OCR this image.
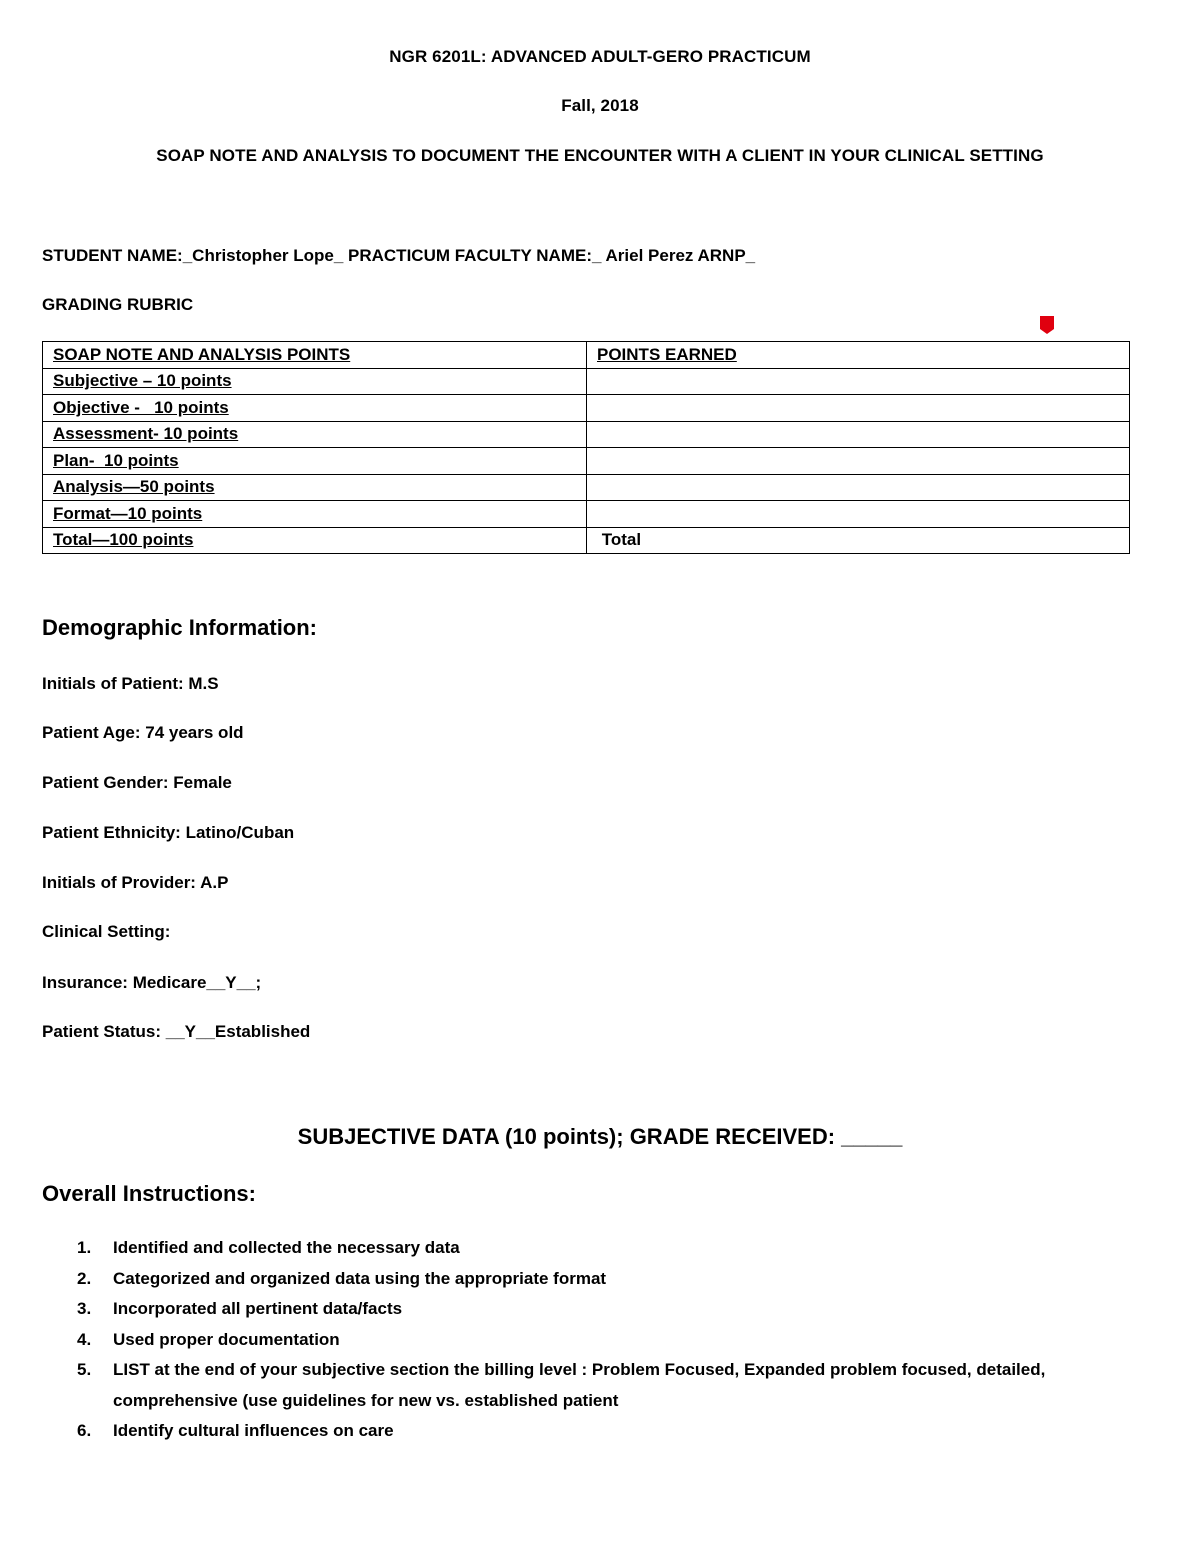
NGR 6201L: ADVANCED ADULT-GERO PRACTICUM
Fall, 2018
SOAP NOTE AND ANALYSIS TO DOCUMENT THE ENCOUNTER WITH A CLIENT IN YOUR CLINICAL SETTING
STUDENT NAME:_Christopher Lope_ PRACTICUM FACULTY NAME:_ Ariel Perez ARNP_
GRADING RUBRIC
SOAP NOTE AND ANALYSIS POINTS	POINTS EARNED
Subjective – 10 points	
Objective -   10 points	
Assessment- 10 points	
Plan-  10 points	
Analysis—50 points	
Format—10 points	
Total—100 points	Total
Demographic Information:
Initials of Patient: M.S
Patient Age: 74 years old
Patient Gender: Female
Patient Ethnicity: Latino/Cuban
Initials of Provider: A.P
Clinical Setting:
Insurance: Medicare__Y__;
Patient Status: __Y__Established
SUBJECTIVE DATA (10 points); GRADE RECEIVED: _____
Overall Instructions:
1. Identified and collected the necessary data
2. Categorized and organized data using the appropriate format
3. Incorporated all pertinent data/facts
4. Used proper documentation
5. LIST at the end of your subjective section the billing level : Problem Focused, Expanded problem focused, detailed, comprehensive (use guidelines for new vs. established patient
6. Identify cultural influences on care
